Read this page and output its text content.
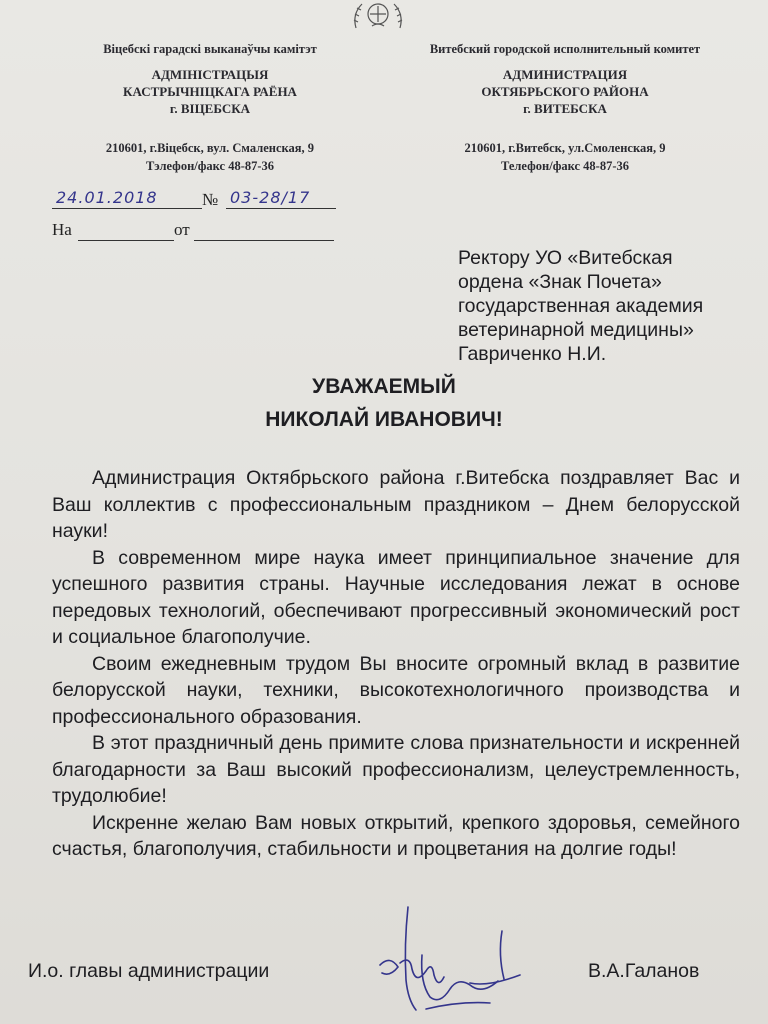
Віцебскі гарадскі выканаўчы камітэт
АДМІНІСТРАЦЫЯ
КАСТРЫЧНІЦКАГА РАЁНА
г. ВІЦЕБСКА
210601, г.Віцебск, вул. Смаленская, 9
Тэлефон/факс 48-87-36
Витебский городской исполнительный комитет
АДМИНИСТРАЦИЯ
ОКТЯБРЬСКОГО РАЙОНА
г. ВИТЕБСКА
210601, г.Витебск, ул.Смоленская, 9
Телефон/факс 48-87-36
24.01.2018	№ 03-28/17
На	от
Ректору УО «Витебская
ордена «Знак Почета»
государственная академия
ветеринарной медицины»
Гавриченко Н.И.
УВАЖАЕМЫЙ
НИКОЛАЙ ИВАНОВИЧ!

Администрация Октябрьского района г.Витебска поздравляет Вас и Ваш коллектив с профессиональным праздником – Днем белорусской науки!

В современном мире наука имеет принципиальное значение для успешного развития страны. Научные исследования лежат в основе передовых технологий, обеспечивают прогрессивный экономический рост и социальное благополучие.

Своим ежедневным трудом Вы вносите огромный вклад в развитие белорусской науки, техники, высокотехнологичного производства и профессионального образования.

В этот праздничный день примите слова признательности и искренней благодарности за Ваш высокий профессионализм, целеустремленность, трудолюбие!

Искренне желаю Вам новых открытий, крепкого здоровья, семейного счастья, благополучия, стабильности и процветания на долгие годы!

И.о. главы администрации	В.А.Галанов
